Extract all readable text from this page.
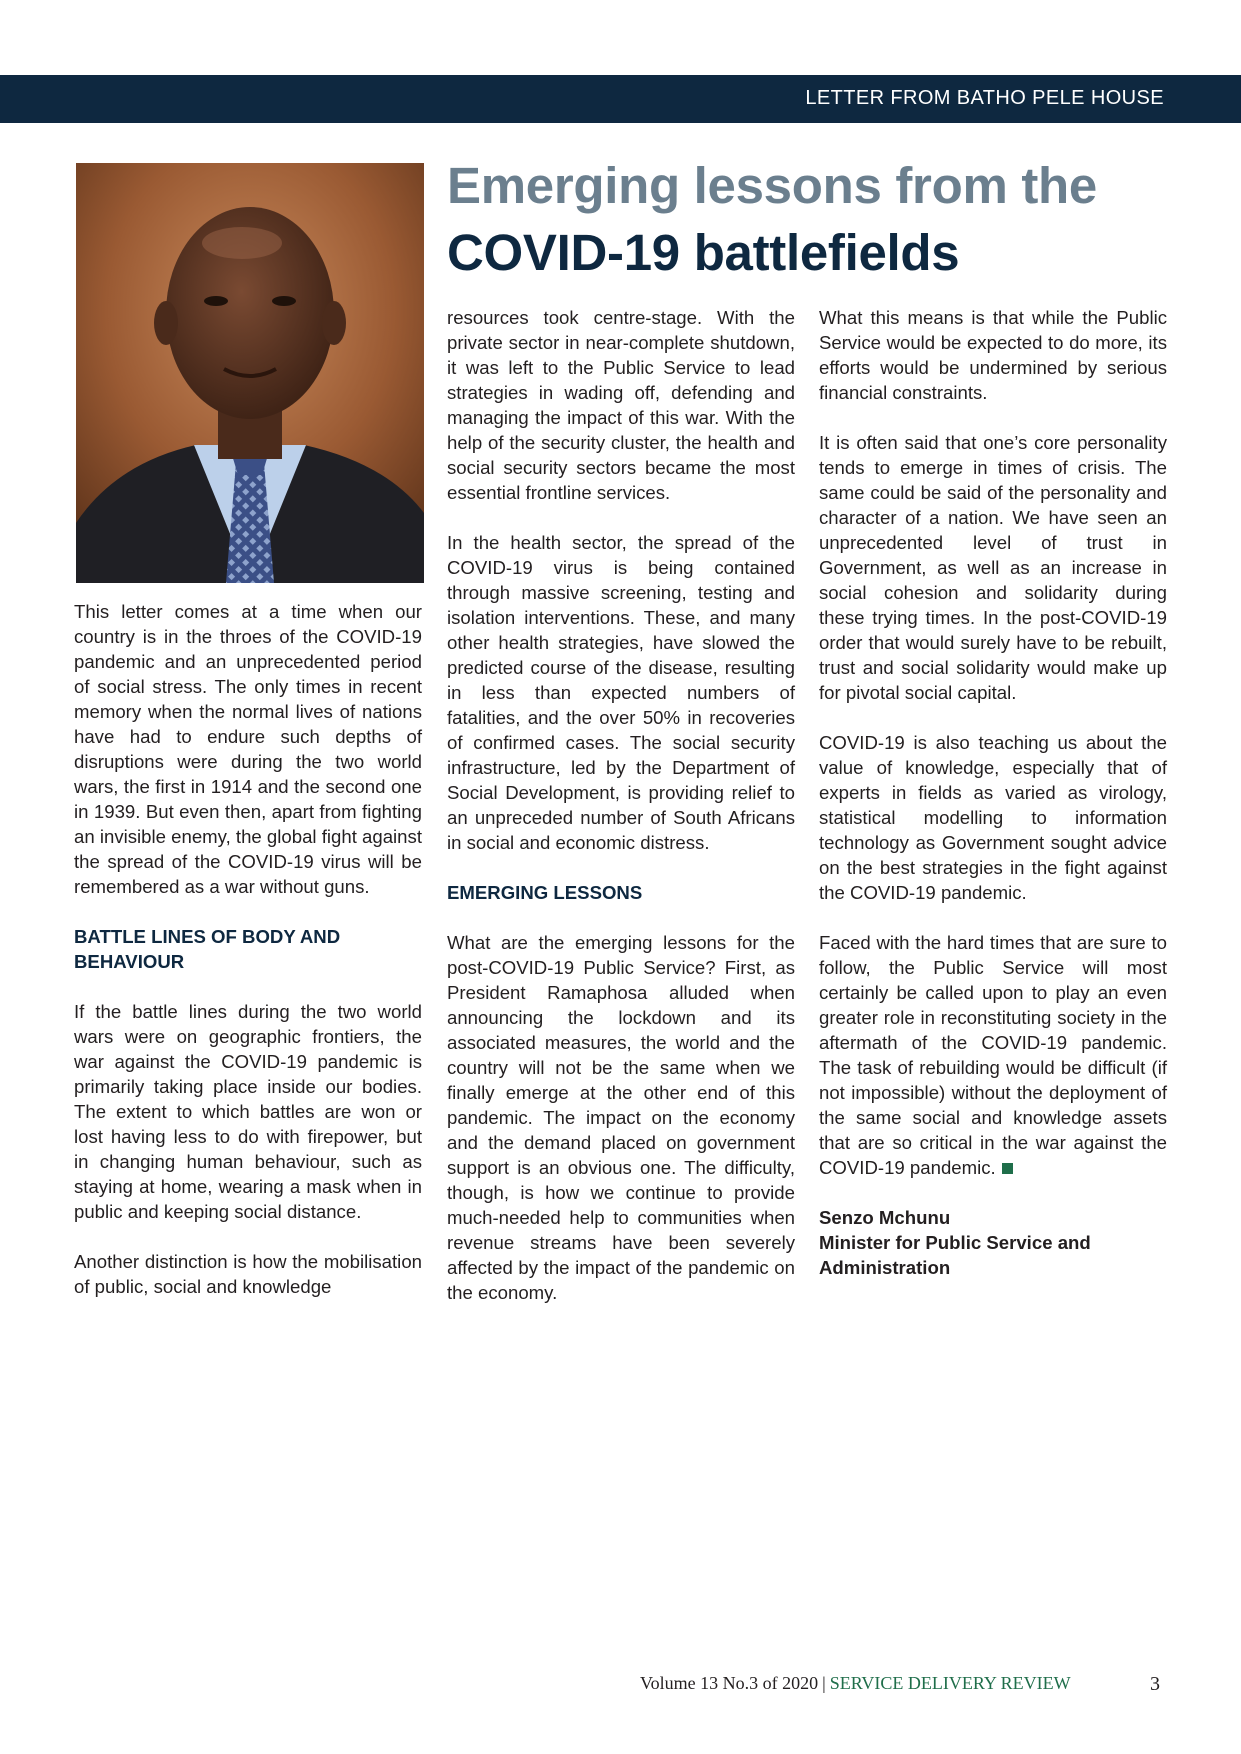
LETTER FROM BATHO PELE HOUSE
Emerging lessons from the
COVID-19 battlefields

This letter comes at a time when our country is in the throes of the COVID-19 pandemic and an unprecedented period of social stress. The only times in recent memory when the normal lives of nations have had to endure such depths of disruptions were during the two world wars, the first in 1914 and the second one in 1939. But even then, apart from fighting an invisible enemy, the global fight against the spread of the COVID-19 virus will be remembered as a war without guns.

BATTLE LINES OF BODY AND BEHAVIOUR

If the battle lines during the two world wars were on geographic frontiers, the war against the COVID-19 pandemic is primarily taking place inside our bodies. The extent to which battles are won or lost having less to do with firepower, but in changing human behaviour, such as staying at home, wearing a mask when in public and keeping social distance.

Another distinction is how the mobilisation of public, social and knowledge

resources took centre-stage. With the private sector in near-complete shutdown, it was left to the Public Service to lead strategies in wading off, defending and managing the impact of this war. With the help of the security cluster, the health and social security sectors became the most essential frontline services.

In the health sector, the spread of the COVID-19 virus is being contained through massive screening, testing and isolation interventions. These, and many other health strategies, have slowed the predicted course of the disease, resulting in less than expected numbers of fatalities, and the over 50% in recoveries of confirmed cases. The social security infrastructure, led by the Department of Social Development, is providing relief to an unpreceded number of South Africans in social and economic distress.

EMERGING LESSONS

What are the emerging lessons for the post-COVID-19 Public Service? First, as President Ramaphosa alluded when announcing the lockdown and its associated measures, the world and the country will not be the same when we finally emerge at the other end of this pandemic. The impact on the economy and the demand placed on government support is an obvious one. The difficulty, though, is how we continue to provide much-needed help to communities when revenue streams have been severely affected by the impact of the pandemic on the economy.

What this means is that while the Public Service would be expected to do more, its efforts would be undermined by serious financial constraints.

It is often said that one’s core personality tends to emerge in times of crisis. The same could be said of the personality and character of a nation. We have seen an unprecedented level of trust in Government, as well as an increase in social cohesion and solidarity during these trying times. In the post-COVID-19 order that would surely have to be rebuilt, trust and social solidarity would make up for pivotal social capital.

COVID-19 is also teaching us about the value of knowledge, especially that of experts in fields as varied as virology, statistical modelling to information technology as Government sought advice on the best strategies in the fight against the COVID-19 pandemic.

Faced with the hard times that are sure to follow, the Public Service will most certainly be called upon to play an even greater role in reconstituting society in the aftermath of the COVID-19 pandemic. The task of rebuilding would be difficult (if not impossible) without the deployment of the same social and knowledge assets that are so critical in the war against the COVID-19 pandemic.

Senzo Mchunu
Minister for Public Service and Administration
Volume 13 No.3 of 2020 | SERVICE DELIVERY REVIEW	3
